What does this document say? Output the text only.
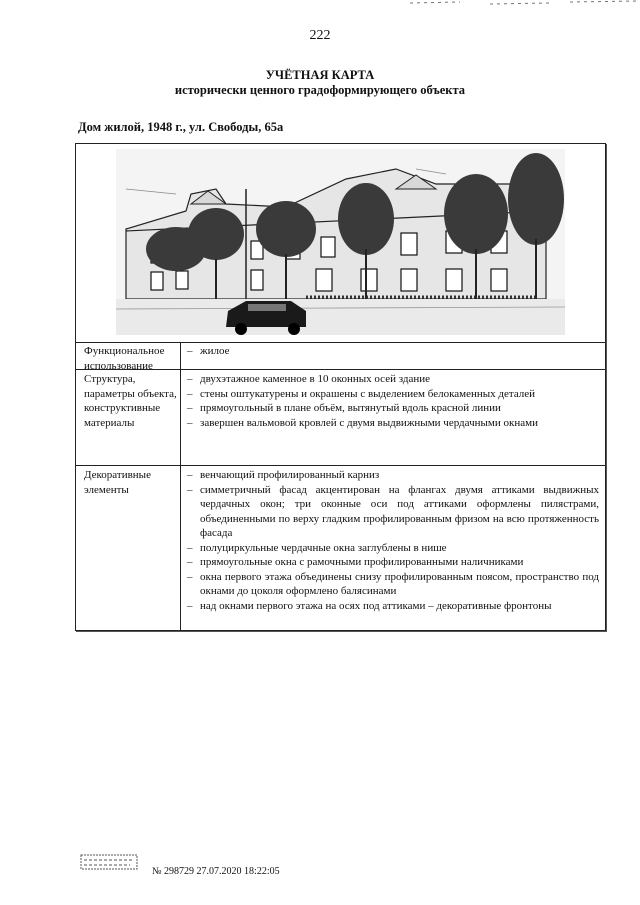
222
УЧЁТНАЯ КАРТА
исторически ценного градоформирующего объекта
Дом жилой, 1948 г., ул. Свободы, 65а
Функциональное использование
– жилое
Структура, параметры объекта, конструктивные материалы
– двухэтажное каменное в 10 оконных осей здание
– стены оштукатурены и окрашены с выделением белокаменных деталей
– прямоугольный в плане объём, вытянутый вдоль красной линии
– завершен вальмовой кровлей с двумя выдвижными чердачными окнами
Декоративные элементы
– венчающий профилированный карниз
– симметричный фасад акцентирован на флангах двумя аттиками выдвижных чердачных окон; три оконные оси под аттиками оформлены пилястрами, объединенными по верху гладким профилированным фризом на всю протяженность фасада
– полуциркульные чердачные окна заглублены в нише
– прямоугольные окна с рамочными профилированными наличниками
– окна первого этажа объединены снизу профилированным поясом, пространство под окнами до цоколя оформлено балясинами
– над окнами первого этажа на осях под аттиками – декоративные фронтоны
№ 298729 27.07.2020 18:22:05
